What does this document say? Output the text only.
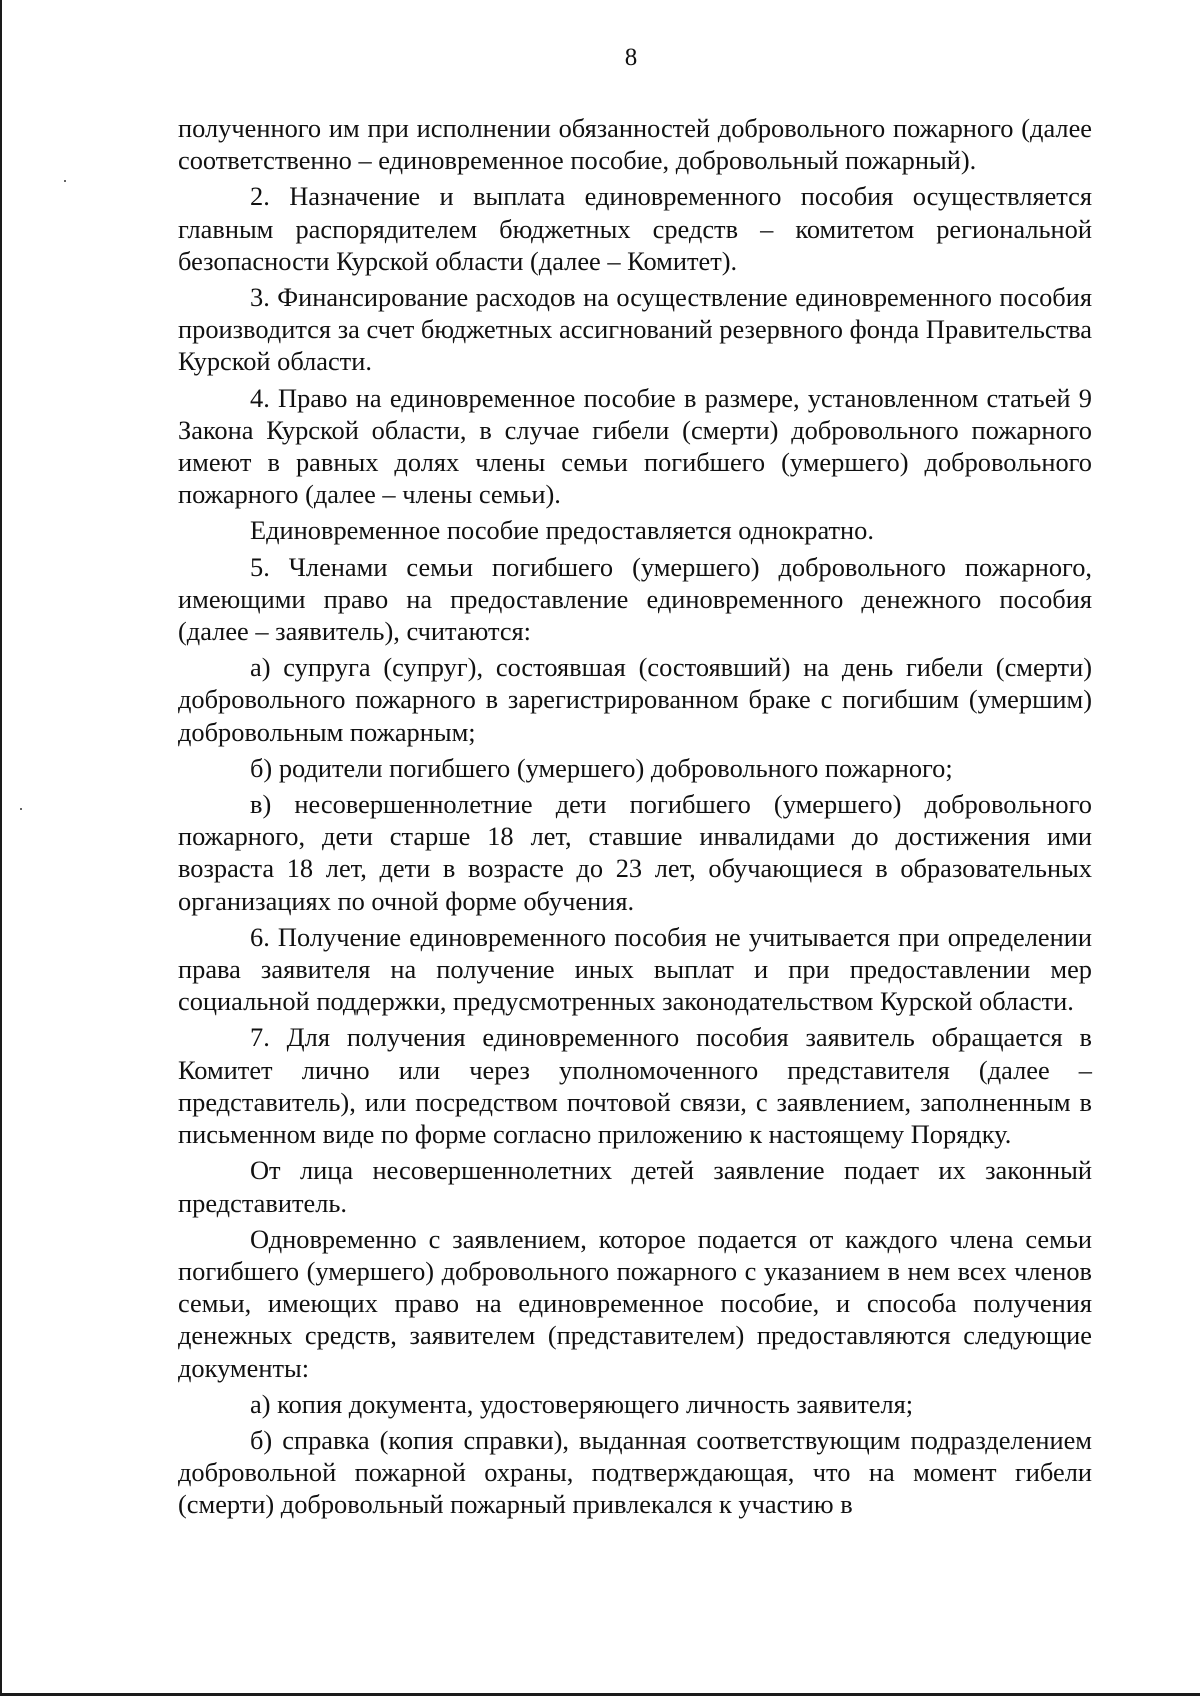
8

полученного им при исполнении обязанностей добровольного пожарного (далее соответственно – единовременное пособие, добровольный пожарный).

2. Назначение и выплата единовременного пособия осуществляется главным распорядителем бюджетных средств – комитетом региональной безопасности Курской области (далее – Комитет).

3. Финансирование расходов на осуществление единовременного пособия производится за счет бюджетных ассигнований резервного фонда Правительства Курской области.

4. Право на единовременное пособие в размере, установленном статьей 9 Закона Курской области, в случае гибели (смерти) добровольного пожарного имеют в равных долях члены семьи погибшего (умершего) добровольного пожарного (далее – члены семьи).

Единовременное пособие предоставляется однократно.

5. Членами семьи погибшего (умершего) добровольного пожарного, имеющими право на предоставление единовременного денежного пособия (далее – заявитель), считаются:

а) супруга (супруг), состоявшая (состоявший) на день гибели (смерти) добровольного пожарного в зарегистрированном браке с погибшим (умершим) добровольным пожарным;

б) родители погибшего (умершего) добровольного пожарного;

в) несовершеннолетние дети погибшего (умершего) добровольного пожарного, дети старше 18 лет, ставшие инвалидами до достижения ими возраста 18 лет, дети в возрасте до 23 лет, обучающиеся в образовательных организациях по очной форме обучения.

6. Получение единовременного пособия не учитывается при определении права заявителя на получение иных выплат и при предоставлении мер социальной поддержки, предусмотренных законодательством Курской области.

7. Для получения единовременного пособия заявитель обращается в Комитет лично или через уполномоченного представителя (далее – представитель), или посредством почтовой связи, с заявлением, заполненным в письменном виде по форме согласно приложению к настоящему Порядку.

От лица несовершеннолетних детей заявление подает их законный представитель.

Одновременно с заявлением, которое подается от каждого члена семьи погибшего (умершего) добровольного пожарного с указанием в нем всех членов семьи, имеющих право на единовременное пособие, и способа получения денежных средств, заявителем (представителем) предоставляются следующие документы:

а) копия документа, удостоверяющего личность заявителя;

б) справка (копия справки), выданная соответствующим подразделением добровольной пожарной охраны, подтверждающая, что на момент гибели (смерти) добровольный пожарный привлекался к участию в
